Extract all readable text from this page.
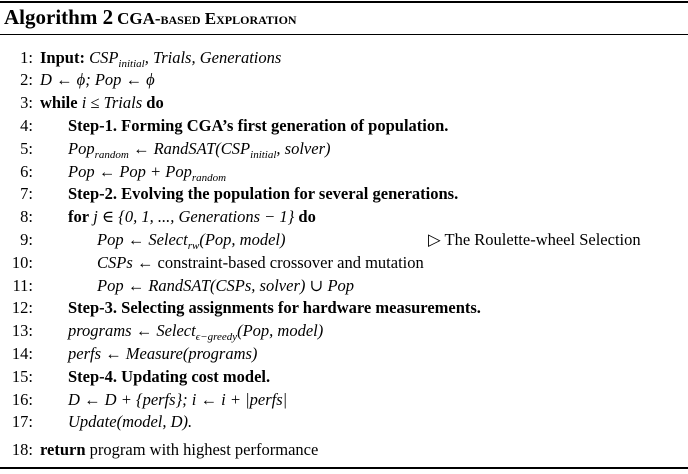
Algorithm 2 CGA-based Exploration
1: Input: $CSP_{initial}$, Trials, Generations
2: D ← ϕ; Pop ← ϕ
3: while i ≤ Trials do
4: Step-1. Forming CGA’s first generation of population.
5: Pop$_{random}$ ← $RandSAT(CSP_{initial}$, solver)
6: Pop ← Pop + Pop$_{random}$
7: Step-2. Evolving the population for several generations.
8: for j ∈ {0, 1, ..., Generations − 1} do
9:	Pop ← Select$_{rw}$(Pop, model)	▷ The Roulette-wheel Selection
10:	CSPs ← constraint-based crossover and mutation
11:	Pop ← RandSAT(CSPs, solver) ∪ Pop
12: Step-3. Selecting assignments for hardware measurements.
13: programs ← Select$_{\epsilon-greedy}$(Pop, model)
14: perfs ← Measure(programs)
15: Step-4. Updating cost model.
16: D ← D + {perfs}; i ← i + |perfs|
17: Update(model, D).
18: return program with highest performance
